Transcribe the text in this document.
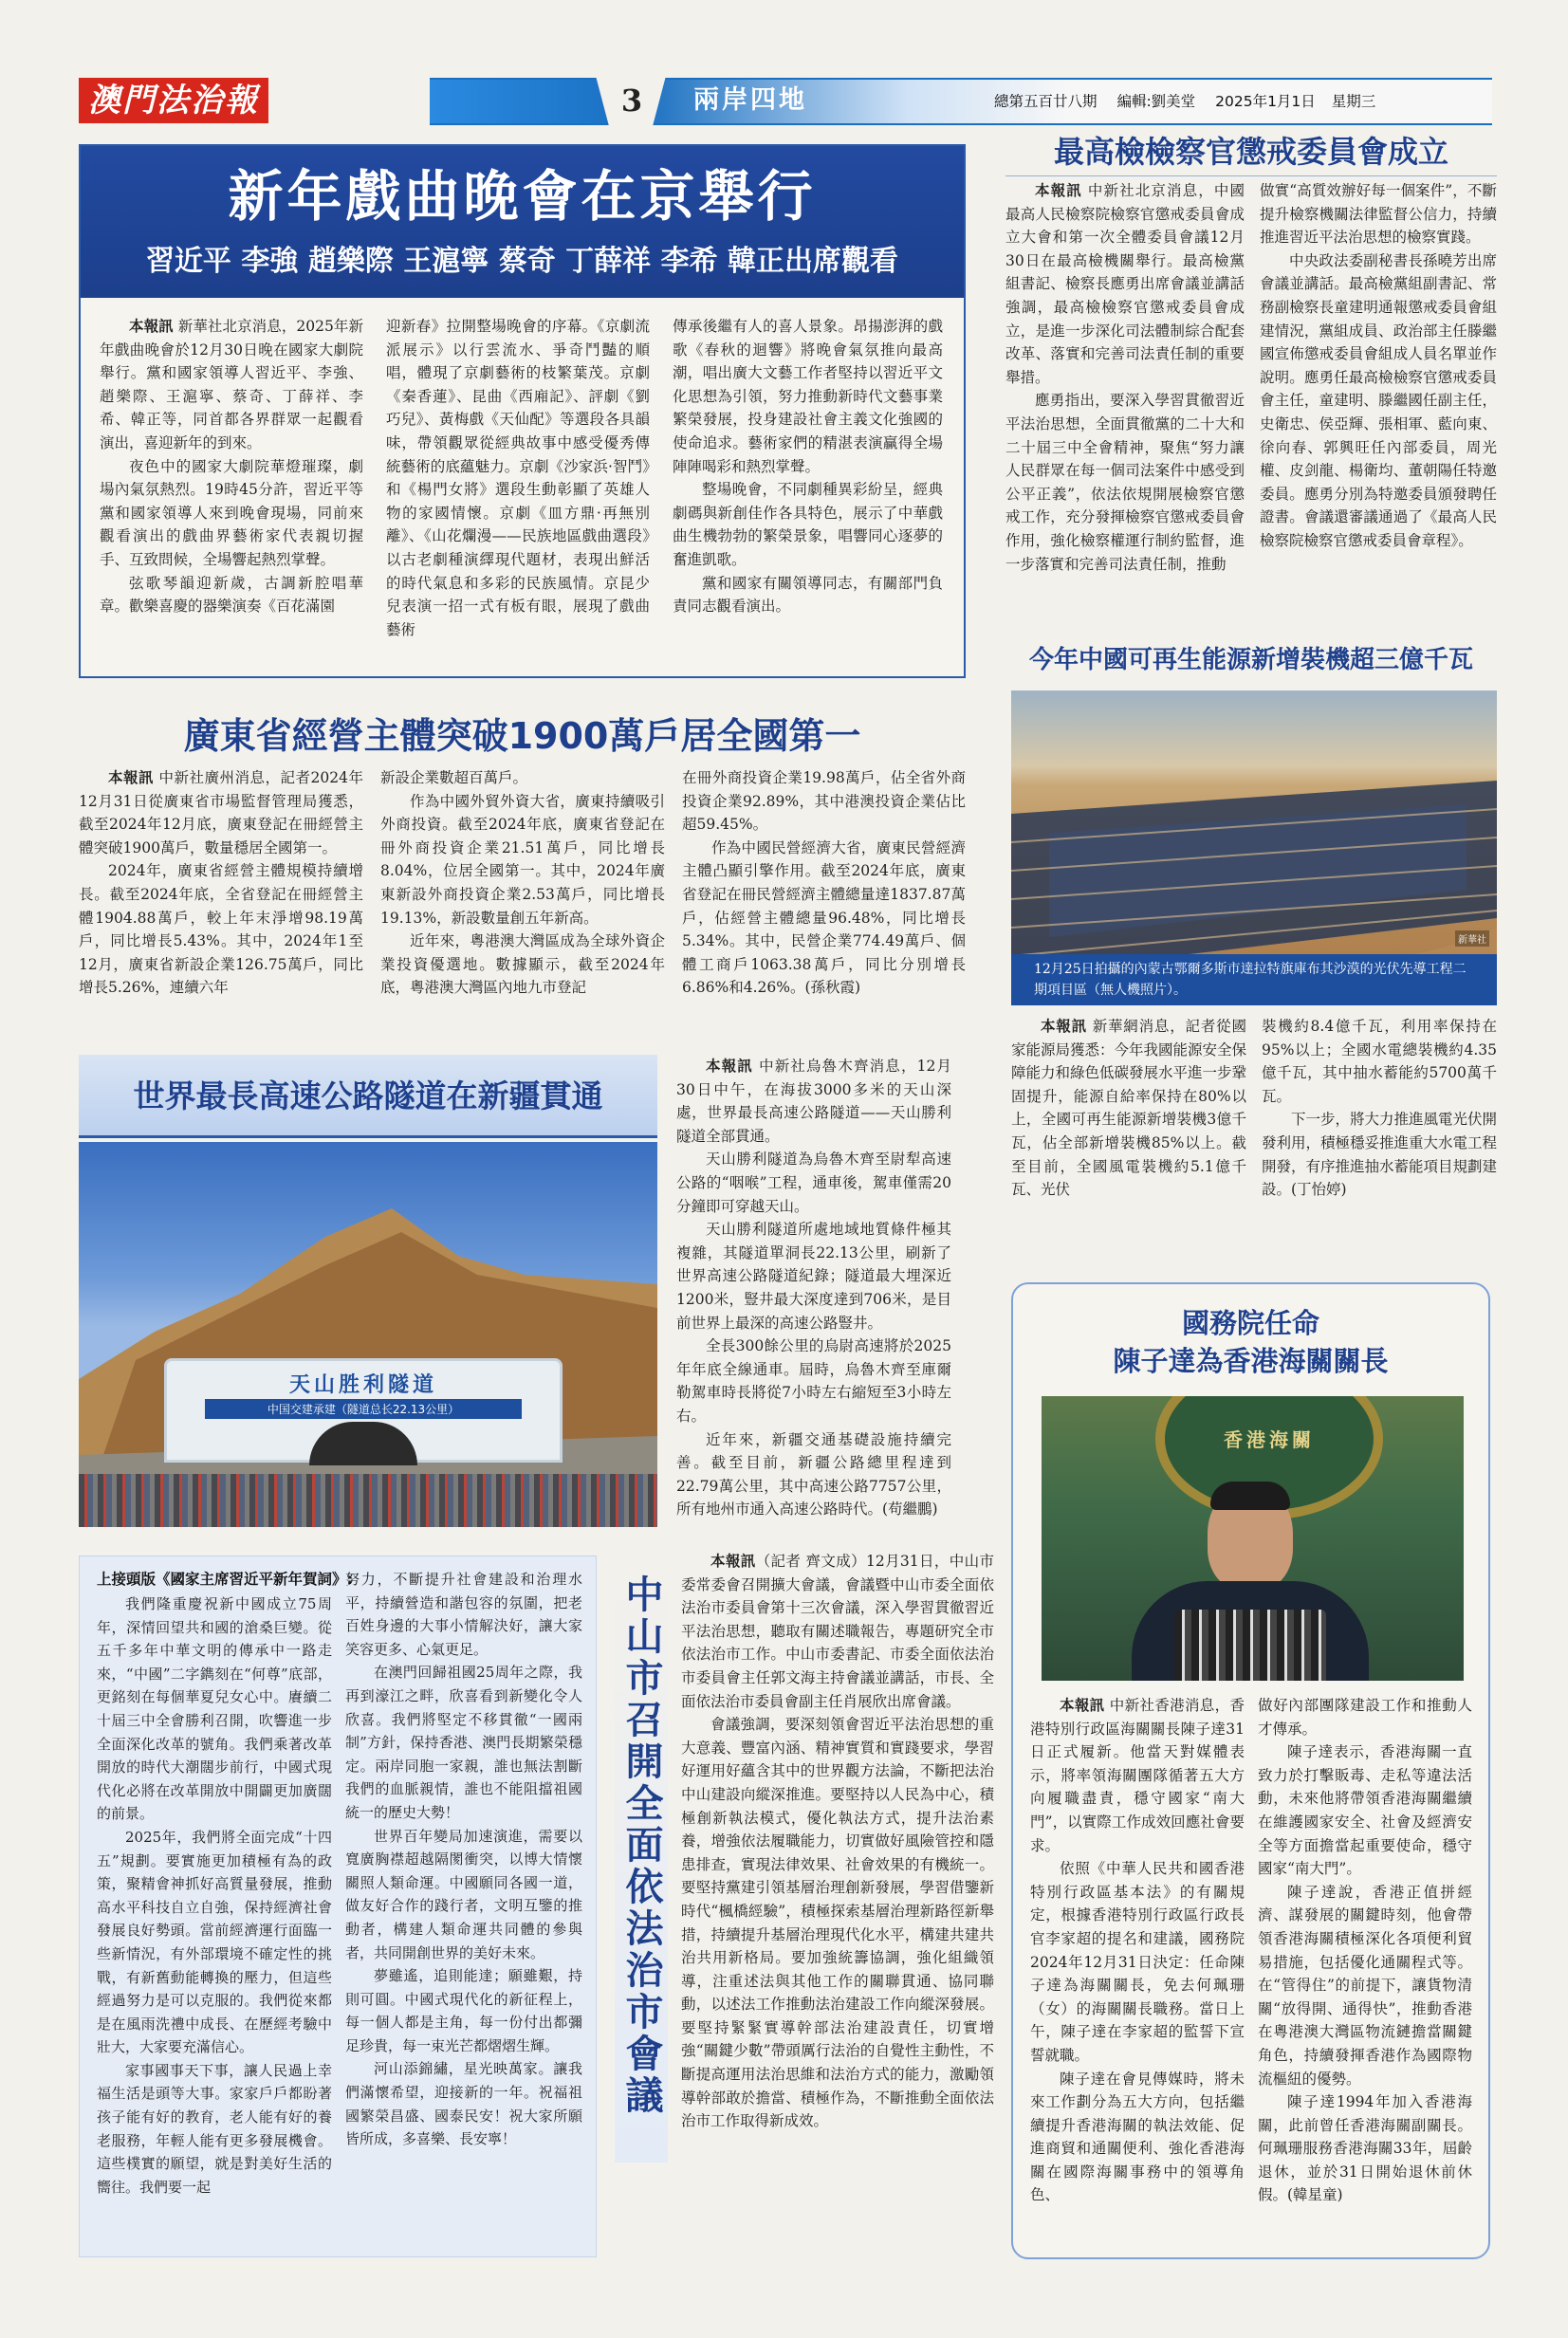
澳門法治報	3	兩岸四地	總第五百廿八期 編輯:劉美堂 2025年1月1日 星期三
新年戲曲晚會在京舉行
習近平 李強 趙樂際 王滬寧 蔡奇 丁薛祥 李希 韓正出席觀看

本報訊 新華社北京消息，2025年新年戲曲晚會於12月30日晚在國家大劇院舉行。黨和國家領導人習近平、李強、趙樂際、王滬寧、蔡奇、丁薛祥、李希、韓正等，同首都各界群眾一起觀看演出，喜迎新年的到來。

夜色中的國家大劇院華燈璀璨，劇場內氣氛熱烈。19時45分許，習近平等黨和國家領導人來到晚會現場，同前來觀看演出的戲曲界藝術家代表親切握手、互致問候，全場響起熱烈掌聲。

弦歌琴韻迎新歲，古調新腔唱華章。歡樂喜慶的器樂演奏《百花滿園

迎新春》拉開整場晚會的序幕。《京劇流派展示》以行雲流水、爭奇鬥豔的順唱，體現了京劇藝術的枝繁葉茂。京劇《秦香蓮》、昆曲《西廂記》、評劇《劉巧兒》、黃梅戲《天仙配》等選段各具韻味，帶領觀眾從經典故事中感受優秀傳統藝術的底蘊魅力。京劇《沙家浜·智鬥》和《楊門女將》選段生動彰顯了英雄人物的家國情懷。京劇《皿方鼎·再無別離》、《山花爛漫——民族地區戲曲選段》以古老劇種演繹現代題材，表現出鮮活的時代氣息和多彩的民族風情。京昆少兒表演一招一式有板有眼，展現了戲曲藝術

傳承後繼有人的喜人景象。昂揚澎湃的戲歌《春秋的迴響》將晚會氣氛推向最高潮，唱出廣大文藝工作者堅持以習近平文化思想為引領，努力推動新時代文藝事業繁榮發展，投身建設社會主義文化強國的使命追求。藝術家們的精湛表演贏得全場陣陣喝彩和熱烈掌聲。

整場晚會，不同劇種異彩紛呈，經典劇碼與新創佳作各具特色，展示了中華戲曲生機勃勃的繁榮景象，唱響同心逐夢的奮進凱歌。

黨和國家有關領導同志，有關部門負責同志觀看演出。

最高檢檢察官懲戒委員會成立

本報訊 中新社北京消息，中國最高人民檢察院檢察官懲戒委員會成立大會和第一次全體委員會議12月30日在最高檢機關舉行。最高檢黨組書記、檢察長應勇出席會議並講話強調，最高檢檢察官懲戒委員會成立，是進一步深化司法體制綜合配套改革、落實和完善司法責任制的重要舉措。

應勇指出，要深入學習貫徹習近平法治思想，全面貫徹黨的二十大和二十屆三中全會精神，聚焦“努力讓人民群眾在每一個司法案件中感受到公平正義”，依法依規開展檢察官懲戒工作，充分發揮檢察官懲戒委員會作用，強化檢察權運行制約監督，進一步落實和完善司法責任制，推動

做實“高質效辦好每一個案件”，不斷提升檢察機關法律監督公信力，持續推進習近平法治思想的檢察實踐。

中央政法委副秘書長孫曉芳出席會議並講話。最高檢黨組副書記、常務副檢察長童建明通報懲戒委員會組建情況，黨組成員、政治部主任滕繼國宣佈懲戒委員會組成人員名單並作說明。應勇任最高檢檢察官懲戒委員會主任，童建明、滕繼國任副主任，史衛忠、侯亞輝、張相軍、藍向東、徐向春、郭興旺任內部委員，周光權、皮剑龍、楊衛均、董朝陽任特邀委員。應勇分別為特邀委員頒發聘任證書。會議還審議通過了《最高人民檢察院檢察官懲戒委員會章程》。

廣東省經營主體突破1900萬戶居全國第一

本報訊 中新社廣州消息，記者2024年12月31日從廣東省市場監督管理局獲悉，截至2024年12月底，廣東登記在冊經營主體突破1900萬戶，數量穩居全國第一。

2024年，廣東省經營主體規模持續增長。截至2024年底，全省登記在冊經營主體1904.88萬戶，較上年末淨增98.19萬戶，同比增長5.43%。其中，2024年1至12月，廣東省新設企業126.75萬戶，同比增長5.26%，連續六年

新設企業數超百萬戶。

作為中國外貿外資大省，廣東持續吸引外商投資。截至2024年底，廣東省登記在冊外商投資企業21.51萬戶，同比增長8.04%，位居全國第一。其中，2024年廣東新設外商投資企業2.53萬戶，同比增長19.13%，新設數量創五年新高。

近年來，粵港澳大灣區成為全球外資企業投資優選地。數據顯示，截至2024年底，粵港澳大灣區內地九市登記

在冊外商投資企業19.98萬戶，佔全省外商投資企業92.89%，其中港澳投資企業佔比超59.45%。

作為中國民營經濟大省，廣東民營經濟主體凸顯引擎作用。截至2024年底，廣東省登記在冊民營經濟主體總量達1837.87萬戶，佔經營主體總量96.48%，同比增長5.34%。其中，民營企業774.49萬戶、個體工商戶1063.38萬戶，同比分別增長6.86%和4.26%。(孫秋霞)

今年中國可再生能源新增裝機超三億千瓦
新華社
12月25日拍攝的內蒙古鄂爾多斯市達拉特旗庫布其沙漠的光伏先導工程二期項目區（無人機照片）。

本報訊 新華網消息，記者從國家能源局獲悉：今年我國能源安全保障能力和綠色低碳發展水平進一步鞏固提升，能源自給率保持在80%以上，全國可再生能源新增裝機3億千瓦，佔全部新增裝機85%以上。截至目前，全國風電裝機約5.1億千瓦、光伏

裝機約8.4億千瓦，利用率保持在95%以上；全國水電總裝機約4.35億千瓦，其中抽水蓄能約5700萬千瓦。

下一步，將大力推進風電光伏開發利用，積極穩妥推進重大水電工程開發，有序推進抽水蓄能項目規劃建設。(丁怡婷)

世界最長高速公路隧道在新疆貫通
天山胜利隧道
中国交建承建（隧道总长22.13公里）

本報訊 中新社烏魯木齊消息，12月30日中午，在海拔3000多米的天山深處，世界最長高速公路隧道——天山勝利隧道全部貫通。

天山勝利隧道為烏魯木齊至尉犁高速公路的“咽喉”工程，通車後，駕車僅需20分鐘即可穿越天山。

天山勝利隧道所處地域地質條件極其複雜，其隧道單洞長22.13公里，刷新了世界高速公路隧道紀錄；隧道最大埋深近1200米，豎井最大深度達到706米，是目前世界上最深的高速公路豎井。

全長300餘公里的烏尉高速將於2025年年底全線通車。屆時，烏魯木齊至庫爾勒駕車時長將從7小時左右縮短至3小時左右。

近年來，新疆交通基礎設施持續完善。截至目前，新疆公路總里程達到22.79萬公里，其中高速公路7757公里，所有地州市通入高速公路時代。(苟繼鵬)

上接頭版《國家主席習近平新年賀詞》:

我們隆重慶祝新中國成立75周年，深情回望共和國的滄桑巨變。從五千多年中華文明的傳承中一路走來，“中國”二字鐫刻在“何尊”底部，更銘刻在每個華夏兒女心中。賡續二十屆三中全會勝利召開，吹響進一步全面深化改革的號角。我們乘著改革開放的時代大潮闊步前行，中國式現代化必將在改革開放中開闢更加廣闊的前景。

2025年，我們將全面完成“十四五”規劃。要實施更加積極有為的政策，聚精會神抓好高質量發展，推動高水平科技自立自強，保持經濟社會發展良好勢頭。當前經濟運行面臨一些新情況，有外部環境不確定性的挑戰，有新舊動能轉換的壓力，但這些經過努力是可以克服的。我們從來都是在風雨洗禮中成長、在歷經考驗中壯大，大家要充滿信心。

家事國事天下事，讓人民過上幸福生活是頭等大事。家家戶戶都盼著孩子能有好的教育，老人能有好的養老服務，年輕人能有更多發展機會。這些樸實的願望，就是對美好生活的嚮往。我們要一起

努力，不斷提升社會建設和治理水平，持續營造和諧包容的氛圍，把老百姓身邊的大事小情解決好，讓大家笑容更多、心氣更足。

在澳門回歸祖國25周年之際，我再到濠江之畔，欣喜看到新變化令人欣喜。我們將堅定不移貫徹“一國兩制”方針，保持香港、澳門長期繁榮穩定。兩岸同胞一家親，誰也無法割斷我們的血脈親情，誰也不能阻擋祖國統一的歷史大勢！

世界百年變局加速演進，需要以寬廣胸襟超越隔閡衝突，以博大情懷關照人類命運。中國願同各國一道，做友好合作的踐行者，文明互鑒的推動者，構建人類命運共同體的參與者，共同開創世界的美好未來。

夢雖遙，追則能達；願雖艱，持則可圓。中國式現代化的新征程上，每一個人都是主角，每一份付出都彌足珍貴，每一束光芒都熠熠生輝。

河山添錦繡，星光映萬家。讓我們滿懷希望，迎接新的一年。祝福祖國繁榮昌盛、國泰民安！祝大家所願皆所成，多喜樂、長安寧！

中山市召開全面依法治市會議

本報訊（記者 齊文成）12月31日，中山市委常委會召開擴大會議，會議暨中山市委全面依法治市委員會第十三次會議，深入學習貫徹習近平法治思想，聽取有關述職報告，專題研究全市依法治市工作。中山市委書記、市委全面依法治市委員會主任郭文海主持會議並講話，市長、全面依法治市委員會副主任肖展欣出席會議。

會議強調，要深刻領會習近平法治思想的重大意義、豐富內涵、精神實質和實踐要求，學習好運用好蘊含其中的世界觀方法論，不斷把法治中山建設向縱深推進。要堅持以人民為中心，積極創新執法模式，優化執法方式，提升法治素養，增強依法履職能力，切實做好風險管控和隱患排查，實現法律效果、社會效果的有機統一。要堅持黨建引領基層治理創新發展，學習借鑒新時代“楓橋經驗”，積極探索基層治理新路徑新舉措，持續提升基層治理現代化水平，構建共建共治共用新格局。要加強統籌協調，強化組織領導，注重述法與其他工作的關聯貫通、協同聯動，以述法工作推動法治建設工作向縱深發展。要堅持緊緊實導幹部法治建設責任，切實增強“關鍵少數”帶頭厲行法治的自覺性主動性，不斷提高運用法治思維和法治方式的能力，激勵領導幹部敢於擔當、積極作為，不斷推動全面依法治市工作取得新成效。

國務院任命
陳子達為香港海關關長
香港海關

本報訊 中新社香港消息，香港特別行政區海關關長陳子達31日正式履新。他當天對媒體表示，將率領海關團隊循著五大方向履職盡責，穩守國家“南大門”，以實際工作成效回應社會要求。

依照《中華人民共和國香港特別行政區基本法》的有關規定，根據香港特別行政區行政長官李家超的提名和建議，國務院2024年12月31日決定：任命陳子達為海關關長，免去何珮珊（女）的海關關長職務。當日上午，陳子達在李家超的監誓下宣誓就職。

陳子達在會見傳媒時，將未來工作劃分為五大方向，包括繼續提升香港海關的執法效能、促進商貿和通關便利、強化香港海關在國際海關事務中的領導角色、

做好內部團隊建設工作和推動人才傳承。

陳子達表示，香港海關一直致力於打擊販毒、走私等違法活動，未來他將帶領香港海關繼續在維護國家安全、社會及經濟安全等方面擔當起重要使命，穩守國家“南大門”。

陳子達說，香港正值拼經濟、謀發展的關鍵時刻，他會帶領香港海關積極深化各項便利貿易措施，包括優化通關程式等。在“管得住”的前提下，讓貨物清關“放得開、通得快”，推動香港在粵港澳大灣區物流鏈擔當關鍵角色，持續發揮香港作為國際物流樞紐的優勢。

陳子達1994年加入香港海關，此前曾任香港海關副關長。何珮珊服務香港海關33年，屆齡退休，並於31日開始退休前休假。(韓星童)
